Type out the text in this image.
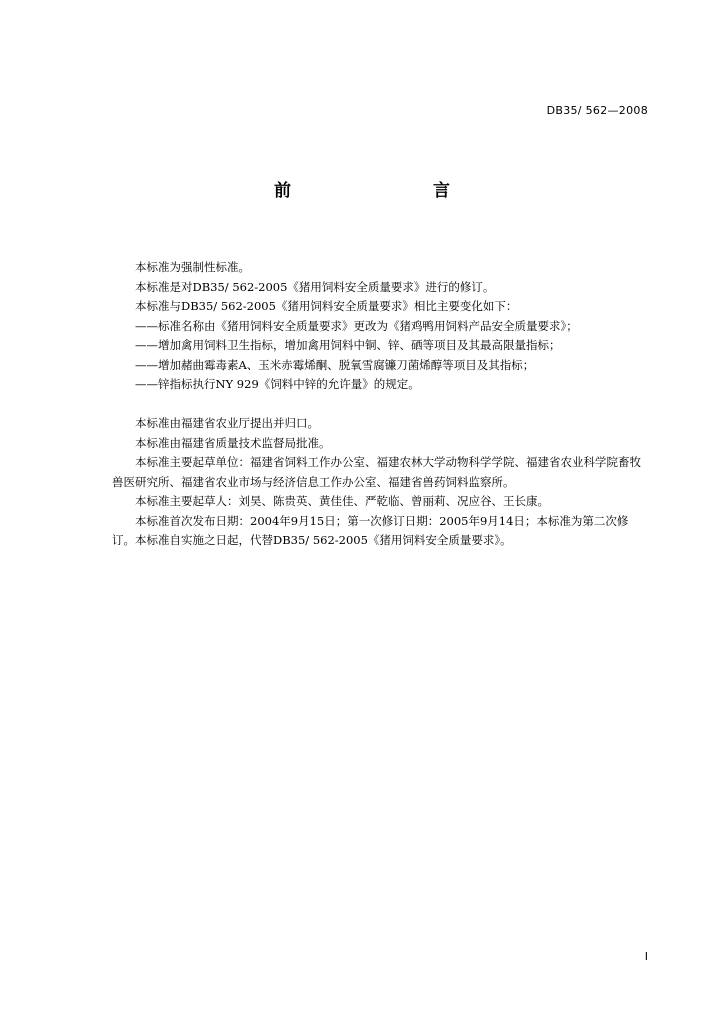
DB35/ 562—2008
前　　言

本标准为强制性标准。

本标准是对DB35/ 562-2005《猪用饲料安全质量要求》进行的修订。

本标准与DB35/ 562-2005《猪用饲料安全质量要求》相比主要变化如下：

——标准名称由《猪用饲料安全质量要求》更改为《猪鸡鸭用饲料产品安全质量要求》；

——增加禽用饲料卫生指标，增加禽用饲料中铜、锌、硒等项目及其最高限量指标；

——增加赭曲霉毒素A、玉米赤霉烯酮、脱氧雪腐镰刀菌烯醇等项目及其指标；

——锌指标执行NY 929《饲料中锌的允许量》的规定。

本标准由福建省农业厅提出并归口。

本标准由福建省质量技术监督局批准。

本标准主要起草单位：福建省饲料工作办公室、福建农林大学动物科学学院、福建省农业科学院畜牧兽医研究所、福建省农业市场与经济信息工作办公室、福建省兽药饲料监察所。

本标准主要起草人：刘昊、陈贵英、黄佳佳、严乾临、曾丽莉、况应谷、王长康。

本标准首次发布日期：2004年9月15日；第一次修订日期：2005年9月14日；本标准为第二次修订。本标准自实施之日起，代替DB35/ 562-2005《猪用饲料安全质量要求》。

I
